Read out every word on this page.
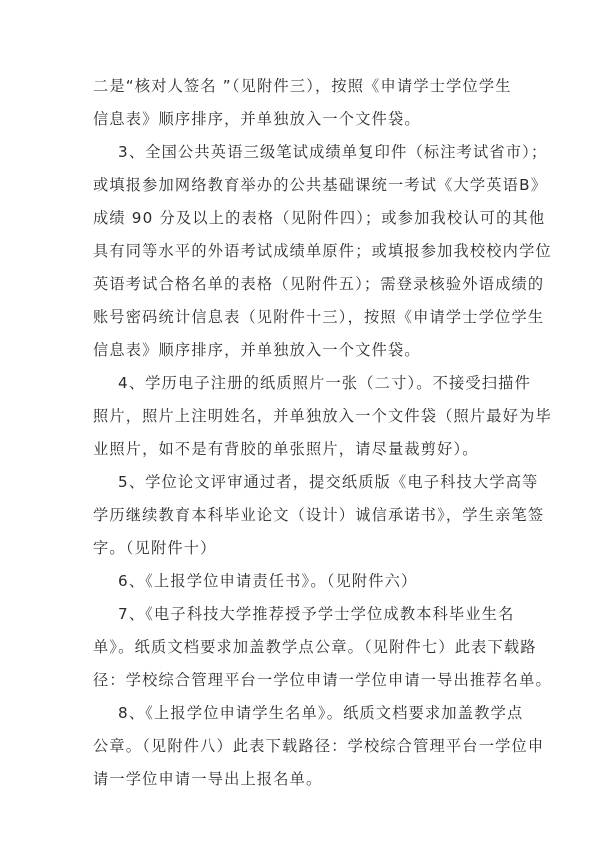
二是“核对人签名 ”（见附件三），按照《申请学士学位学生
信息表》顺序排序，并单独放入一个文件袋。
3、全国公共英语三级笔试成绩单复印件（标注考试省市）；
或填报参加网络教育举办的公共基础课统一考试《大学英语B》
成绩 90 分及以上的表格（见附件四）；或参加我校认可的其他
具有同等水平的外语考试成绩单原件；或填报参加我校校内学位
英语考试合格名单的表格（见附件五）；需登录核验外语成绩的
账号密码统计信息表（见附件十三），按照《申请学士学位学生
信息表》顺序排序，并单独放入一个文件袋。
4、学历电子注册的纸质照片一张（二寸）。不接受扫描件
照片，照片上注明姓名，并单独放入一个文件袋（照片最好为毕
业照片，如不是有背胶的单张照片，请尽量裁剪好）。
5、学位论文评审通过者，提交纸质版《电子科技大学高等
学历继续教育本科毕业论文（设计）诚信承诺书》，学生亲笔签
字。（见附件十）
6、《上报学位申请责任书》。（见附件六）
7、《电子科技大学推荐授予学士学位成教本科毕业生名
单》。纸质文档要求加盖教学点公章。（见附件七）此表下载路
径：学校综合管理平台一学位申请一学位申请一导出推荐名单。
8、《上报学位申请学生名单》。纸质文档要求加盖教学点
公章。（见附件八）此表下载路径：学校综合管理平台一学位申
请一学位申请一导出上报名单。
